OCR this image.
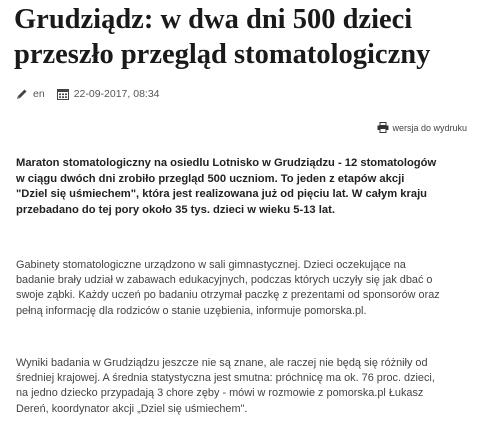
Grudziądz: w dwa dni 500 dzieci
przeszło przegląd stomatologiczny
en	22-09-2017, 08:34
wersja do wydruku

Maraton stomatologiczny na osiedlu Lotnisko w Grudziądzu - 12 stomatologów
w ciągu dwóch dni zrobiło przegląd 500 uczniom. To jeden z etapów akcji
"Dziel się uśmiechem", która jest realizowana już od pięciu lat. W całym kraju
przebadano do tej pory około 35 tys. dzieci w wieku 5-13 lat.

Gabinety stomatologiczne urządzono w sali gimnastycznej. Dzieci oczekujące na
badanie brały udział w zabawach edukacyjnych, podczas których uczyły się jak dbać o
swoje ząbki. Każdy uczeń po badaniu otrzymał paczkę z prezentami od sponsorów oraz
pełną informację dla rodziców o stanie uzębienia, informuje pomorska.pl.

Wyniki badania w Grudziądzu jeszcze nie są znane, ale raczej nie będą się różniły od
średniej krajowej. A średnia statystyczna jest smutna: próchnicę ma ok. 76 proc. dzieci,
na jedno dziecko przypadają 3 chore zęby - mówi w rozmowie z pomorska.pl Łukasz
Dereń, koordynator akcji „Dziel się uśmiechem".
